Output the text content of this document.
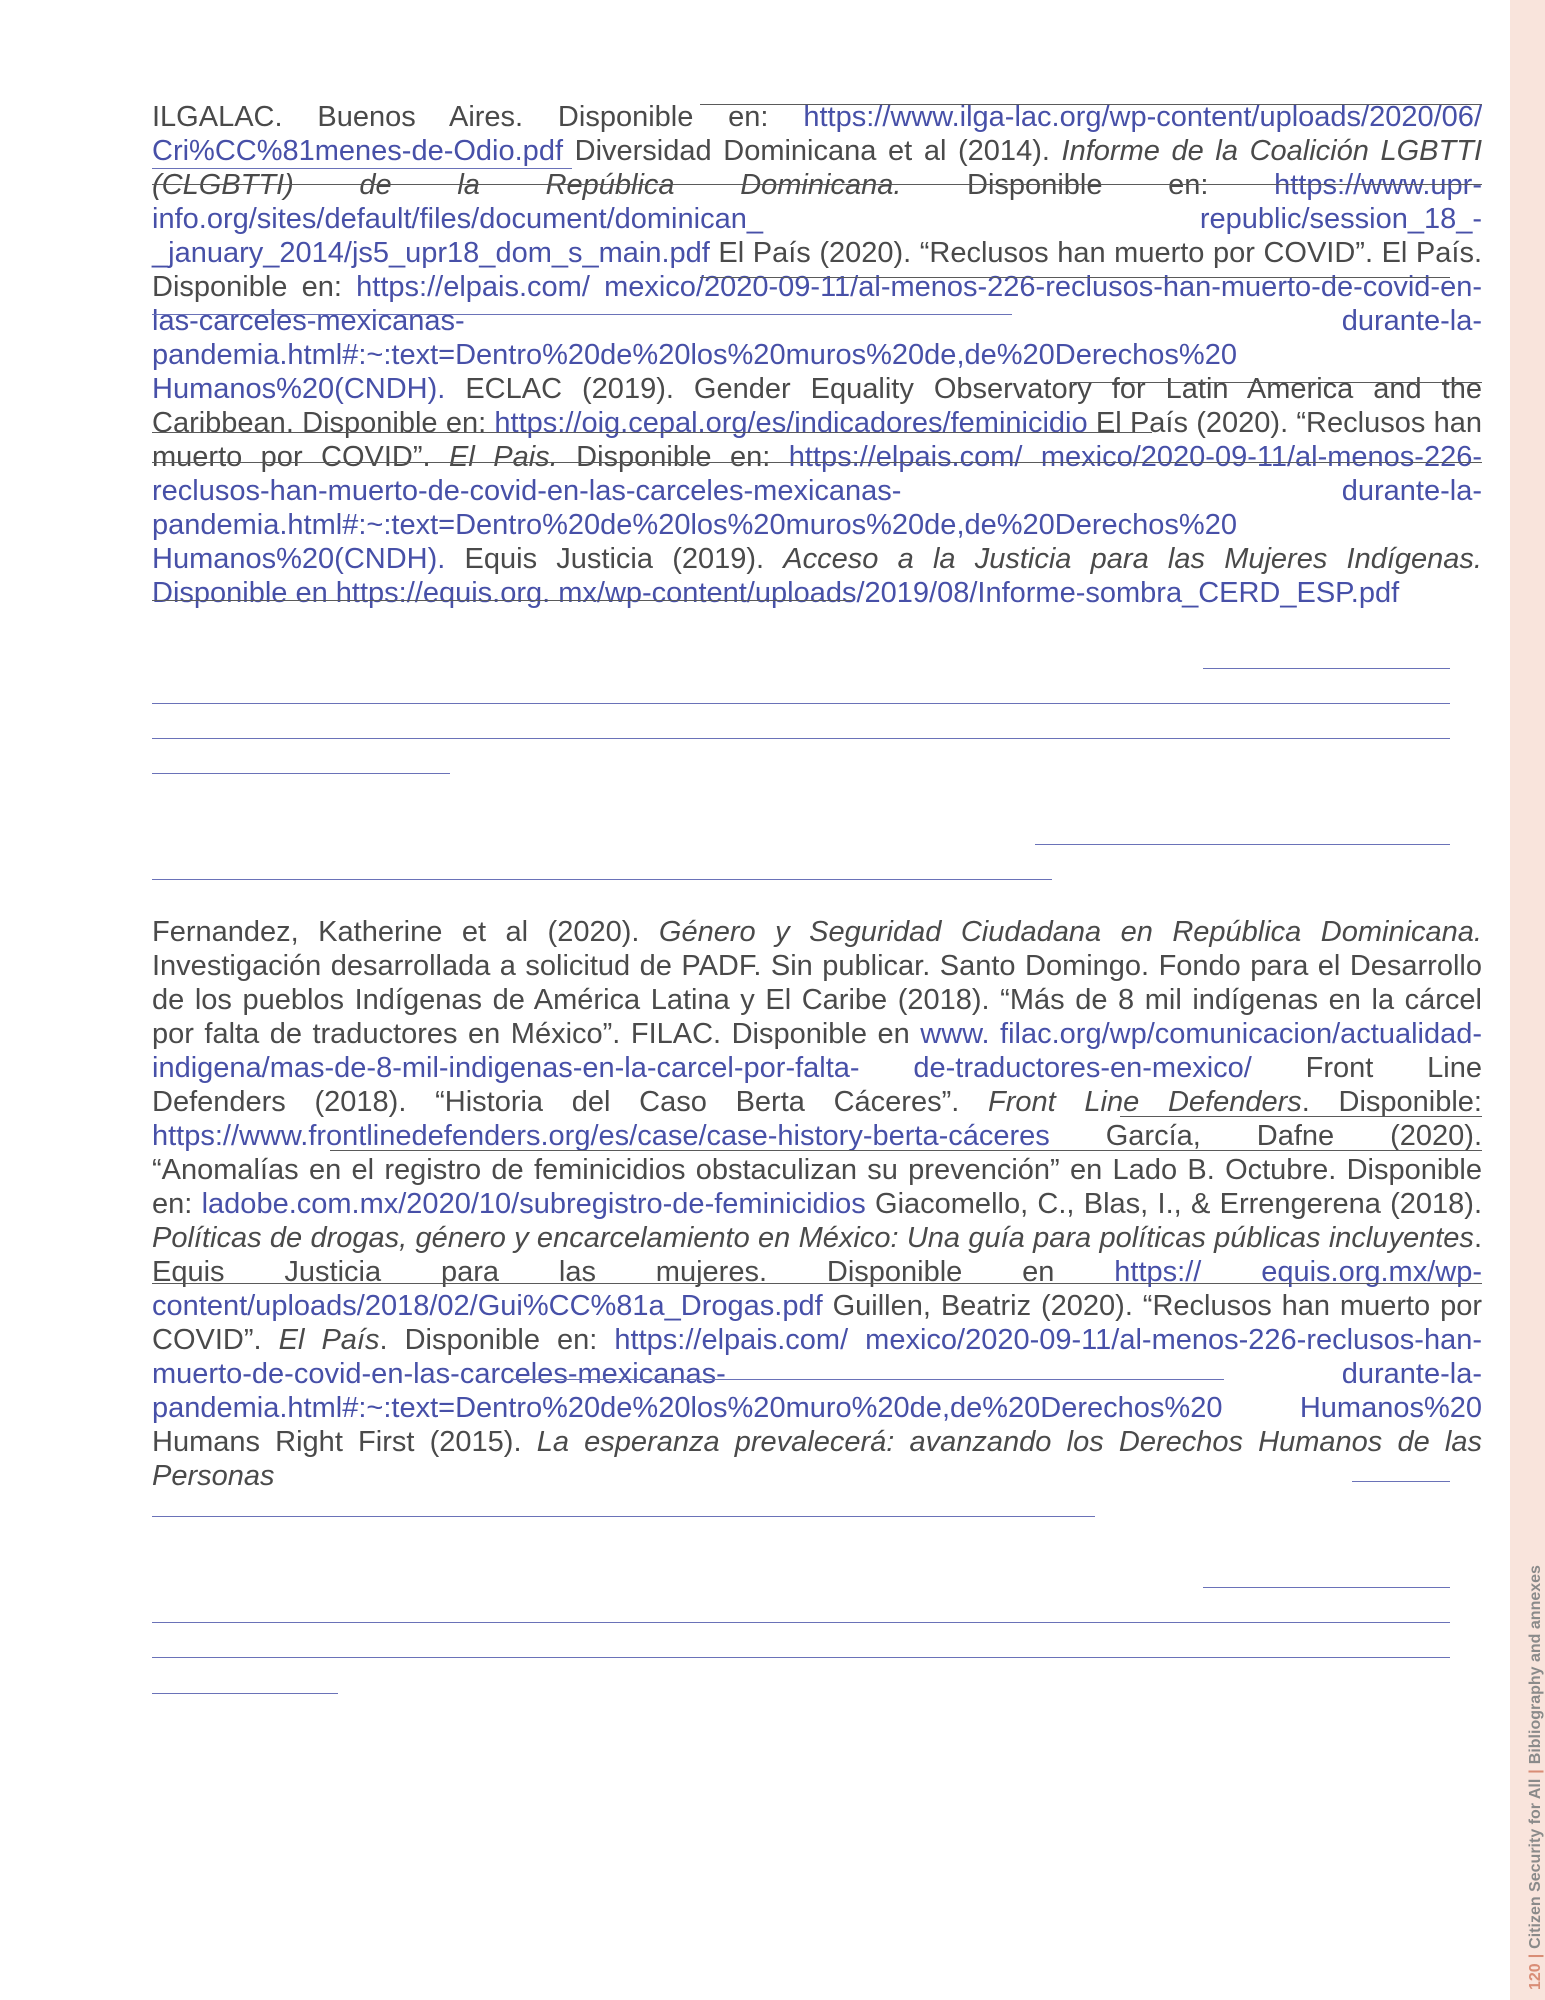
ILGALAC. Buenos Aires. Disponible en: https://www.ilga-lac.org/wp-content/uploads/2020/06/ Cri%CC%81menes-de-Odio.pdf Diversidad Dominicana et al (2014). Informe de la Coalición LGBTTI (CLGBTTI) de la República Dominicana. Disponible en: https://www.upr-info.org/sites/default/files/document/dominican_ republic/session_18_-_january_2014/js5_upr18_dom_s_main.pdf El País (2020). “Reclusos han muerto por COVID”. El País. Disponible en: https://elpais.com/ mexico/2020-09-11/al-menos-226-reclusos-han-muerto-de-covid-en-las-carceles-mexicanas- durante-la-pandemia.html#:~:text=Dentro%20de%20los%20muros%20de,de%20Derechos%20 Humanos%20(CNDH). ECLAC (2019). Gender Equality Observatory for Latin America and the Caribbean. Disponible en: https://oig.cepal.org/es/indicadores/feminicidio El País (2020). “Reclusos han muerto por COVID”. El Pais. Disponible en: https://elpais.com/ mexico/2020-09-11/al-menos-226-reclusos-han-muerto-de-covid-en-las-carceles-mexicanas- durante-la-pandemia.html#:~:text=Dentro%20de%20los%20muros%20de,de%20Derechos%20 Humanos%20(CNDH). Equis Justicia (2019). Acceso a la Justicia para las Mujeres Indígenas. Disponible en https://equis.org. mx/wp-content/uploads/2019/08/Informe-sombra_CERD_ESP.pdf
Fernandez, Katherine et al (2020). Género y Seguridad Ciudadana en República Dominicana. Investigación desarrollada a solicitud de PADF. Sin publicar. Santo Domingo. Fondo para el Desarrollo de los pueblos Indígenas de América Latina y El Caribe (2018). “Más de 8 mil indígenas en la cárcel por falta de traductores en México”. FILAC. Disponible en www. filac.org/wp/comunicacion/actualidad-indigena/mas-de-8-mil-indigenas-en-la-carcel-por-falta- de-traductores-en-mexico/ Front Line Defenders (2018). “Historia del Caso Berta Cáceres”. Front Line Defenders. Disponible: https://www.frontlinedefenders.org/es/case/case-history-berta-cáceres García, Dafne (2020). “Anomalías en el registro de feminicidios obstaculizan su prevención” en Lado B. Octubre. Disponible en: ladobe.com.mx/2020/10/subregistro-de-feminicidios Giacomello, C., Blas, I., & Errengerena (2018). Políticas de drogas, género y encarcelamiento en México: Una guía para políticas públicas incluyentes. Equis Justicia para las mujeres. Disponible en https:// equis.org.mx/wp-content/uploads/2018/02/Gui%CC%81a_Drogas.pdf Guillen, Beatriz (2020). “Reclusos han muerto por COVID”. El País. Disponible en: https://elpais.com/ mexico/2020-09-11/al-menos-226-reclusos-han-muerto-de-covid-en-las-carceles-mexicanas- durante-la-pandemia.html#:~:text=Dentro%20de%20los%20muro%20de,de%20Derechos%20 Humanos%20 Humans Right First (2015). La esperanza prevalecerá: avanzando los Derechos Humanos de las Personas
120|Citizen Security for All|Bibliography and annexes
